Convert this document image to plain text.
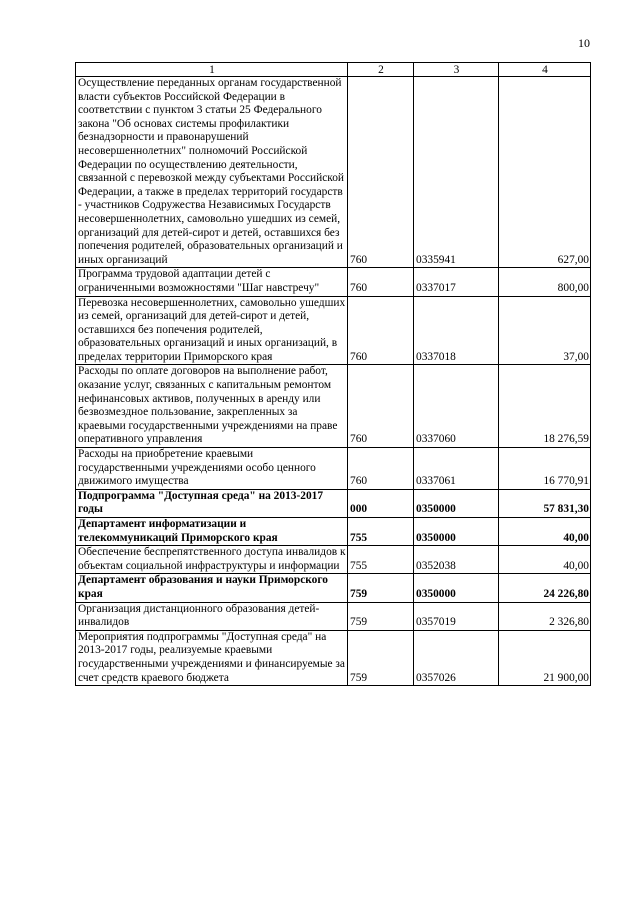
10
1	2	3	4
Осуществление переданных органам государственной власти субъектов Российской Федерации в соответствии с пунктом 3 статьи 25 Федерального закона "Об основах системы профилактики безнадзорности и правонарушений несовершеннолетних" полномочий Российской Федерации по осуществлению деятельности, связанной с перевозкой между субъектами Российской Федерации, а также в пределах территорий государств - участников Содружества Независимых Государств несовершеннолетних, самовольно ушедших из семей, организаций для детей-сирот и детей, оставшихся без попечения родителей, образовательных организаций и иных организаций	760	0335941	627,00
Программа трудовой адаптации детей с ограниченными возможностями "Шаг навстречу"	760	0337017	800,00
Перевозка несовершеннолетних, самовольно ушедших из семей, организаций для детей-сирот и детей, оставшихся без попечения родителей, образовательных организаций и иных организаций, в пределах территории Приморского края	760	0337018	37,00
Расходы по оплате договоров на выполнение работ, оказание услуг, связанных с капитальным ремонтом нефинансовых активов, полученных в аренду или безвозмездное пользование, закрепленных за краевыми государственными учреждениями на праве оперативного управления	760	0337060	18 276,59
Расходы на приобретение краевыми государственными учреждениями особо ценного движимого имущества	760	0337061	16 770,91
Подпрограмма "Доступная среда" на 2013-2017 годы	000	0350000	57 831,30
Департамент информатизации и телекоммуникаций Приморского края	755	0350000	40,00
Обеспечение беспрепятственного доступа инвалидов к объектам социальной инфраструктуры и информации	755	0352038	40,00
Департамент образования и науки Приморского края	759	0350000	24 226,80
Организация дистанционного образования детей-инвалидов	759	0357019	2 326,80
Мероприятия подпрограммы "Доступная среда" на 2013-2017 годы, реализуемые краевыми государственными учреждениями и финансируемые за счет средств краевого бюджета	759	0357026	21 900,00
